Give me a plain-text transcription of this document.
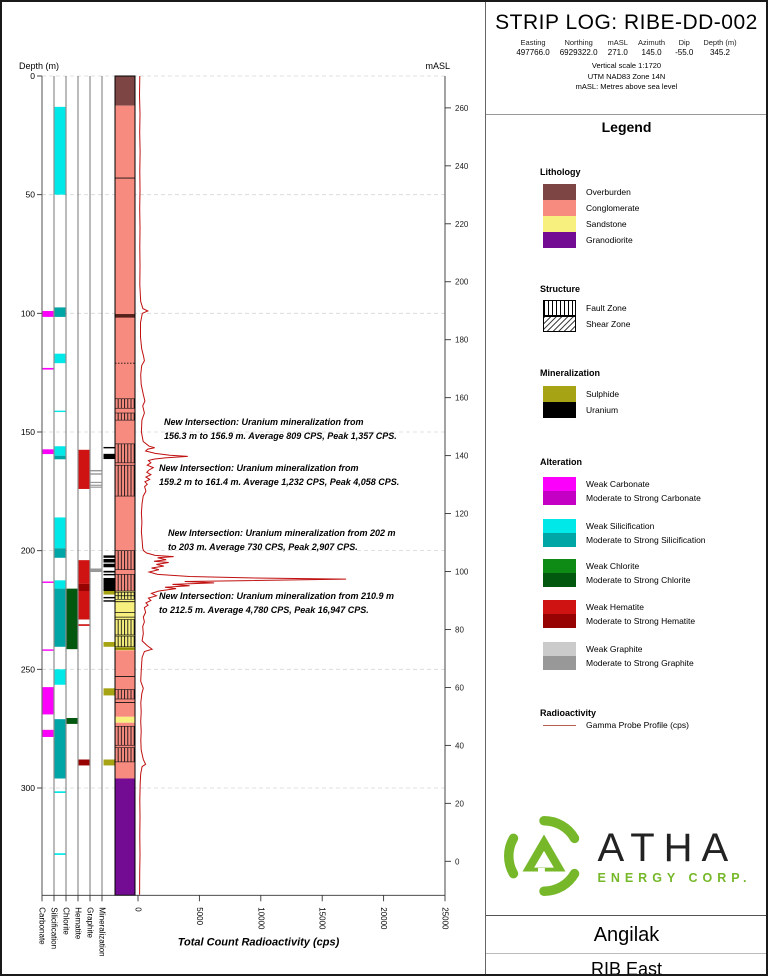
Depth (m)	mASL
0
50
100
150
200
250
300
260
240
220
200
180
160
140
120
100
80
60
40
20
0
Carbonate Silicification Chlorite Hematite Graphite Mineralization	0	5000	10000	15000	20000	25000
Total Count Radioactivity (cps)
New Intersection: Uranium mineralization from
156.3 m to 156.9 m. Average 809 CPS, Peak 1,357 CPS.
New Intersection: Uranium mineralization from
159.2 m to 161.4 m. Average 1,232 CPS, Peak 4,058 CPS.
New Intersection: Uranium mineralization from 202 m
to 203 m. Average 730 CPS, Peak 2,907 CPS.
New Intersection: Uranium mineralization from 210.9 m
to 212.5 m. Average 4,780 CPS, Peak 16,947 CPS.
STRIP LOG: RIBE-DD-002
Easting
497766.0
Northing
6929322.0
mASL
271.0
Azimuth
145.0
Dip
-55.0
Depth (m)
345.2
Vertical scale 1:1720
UTM NAD83 Zone 14N
mASL: Metres above sea level
Legend
Lithology
Overburden
Conglomerate
Sandstone
Granodiorite
Structure
Fault Zone
Shear Zone
Mineralization
Sulphide
Uranium
Alteration
Weak Carbonate
Moderate to Strong Carbonate
Weak Silicification
Moderate to Strong Silicification
Weak Chlorite
Moderate to Strong Chlorite
Weak Hematite
Moderate to Strong Hematite
Weak Graphite
Moderate to Strong Graphite
Radioactivity
Gamma Probe Profile (cps)
ATHA
ENERGY CORP.
Angilak
RIB East
